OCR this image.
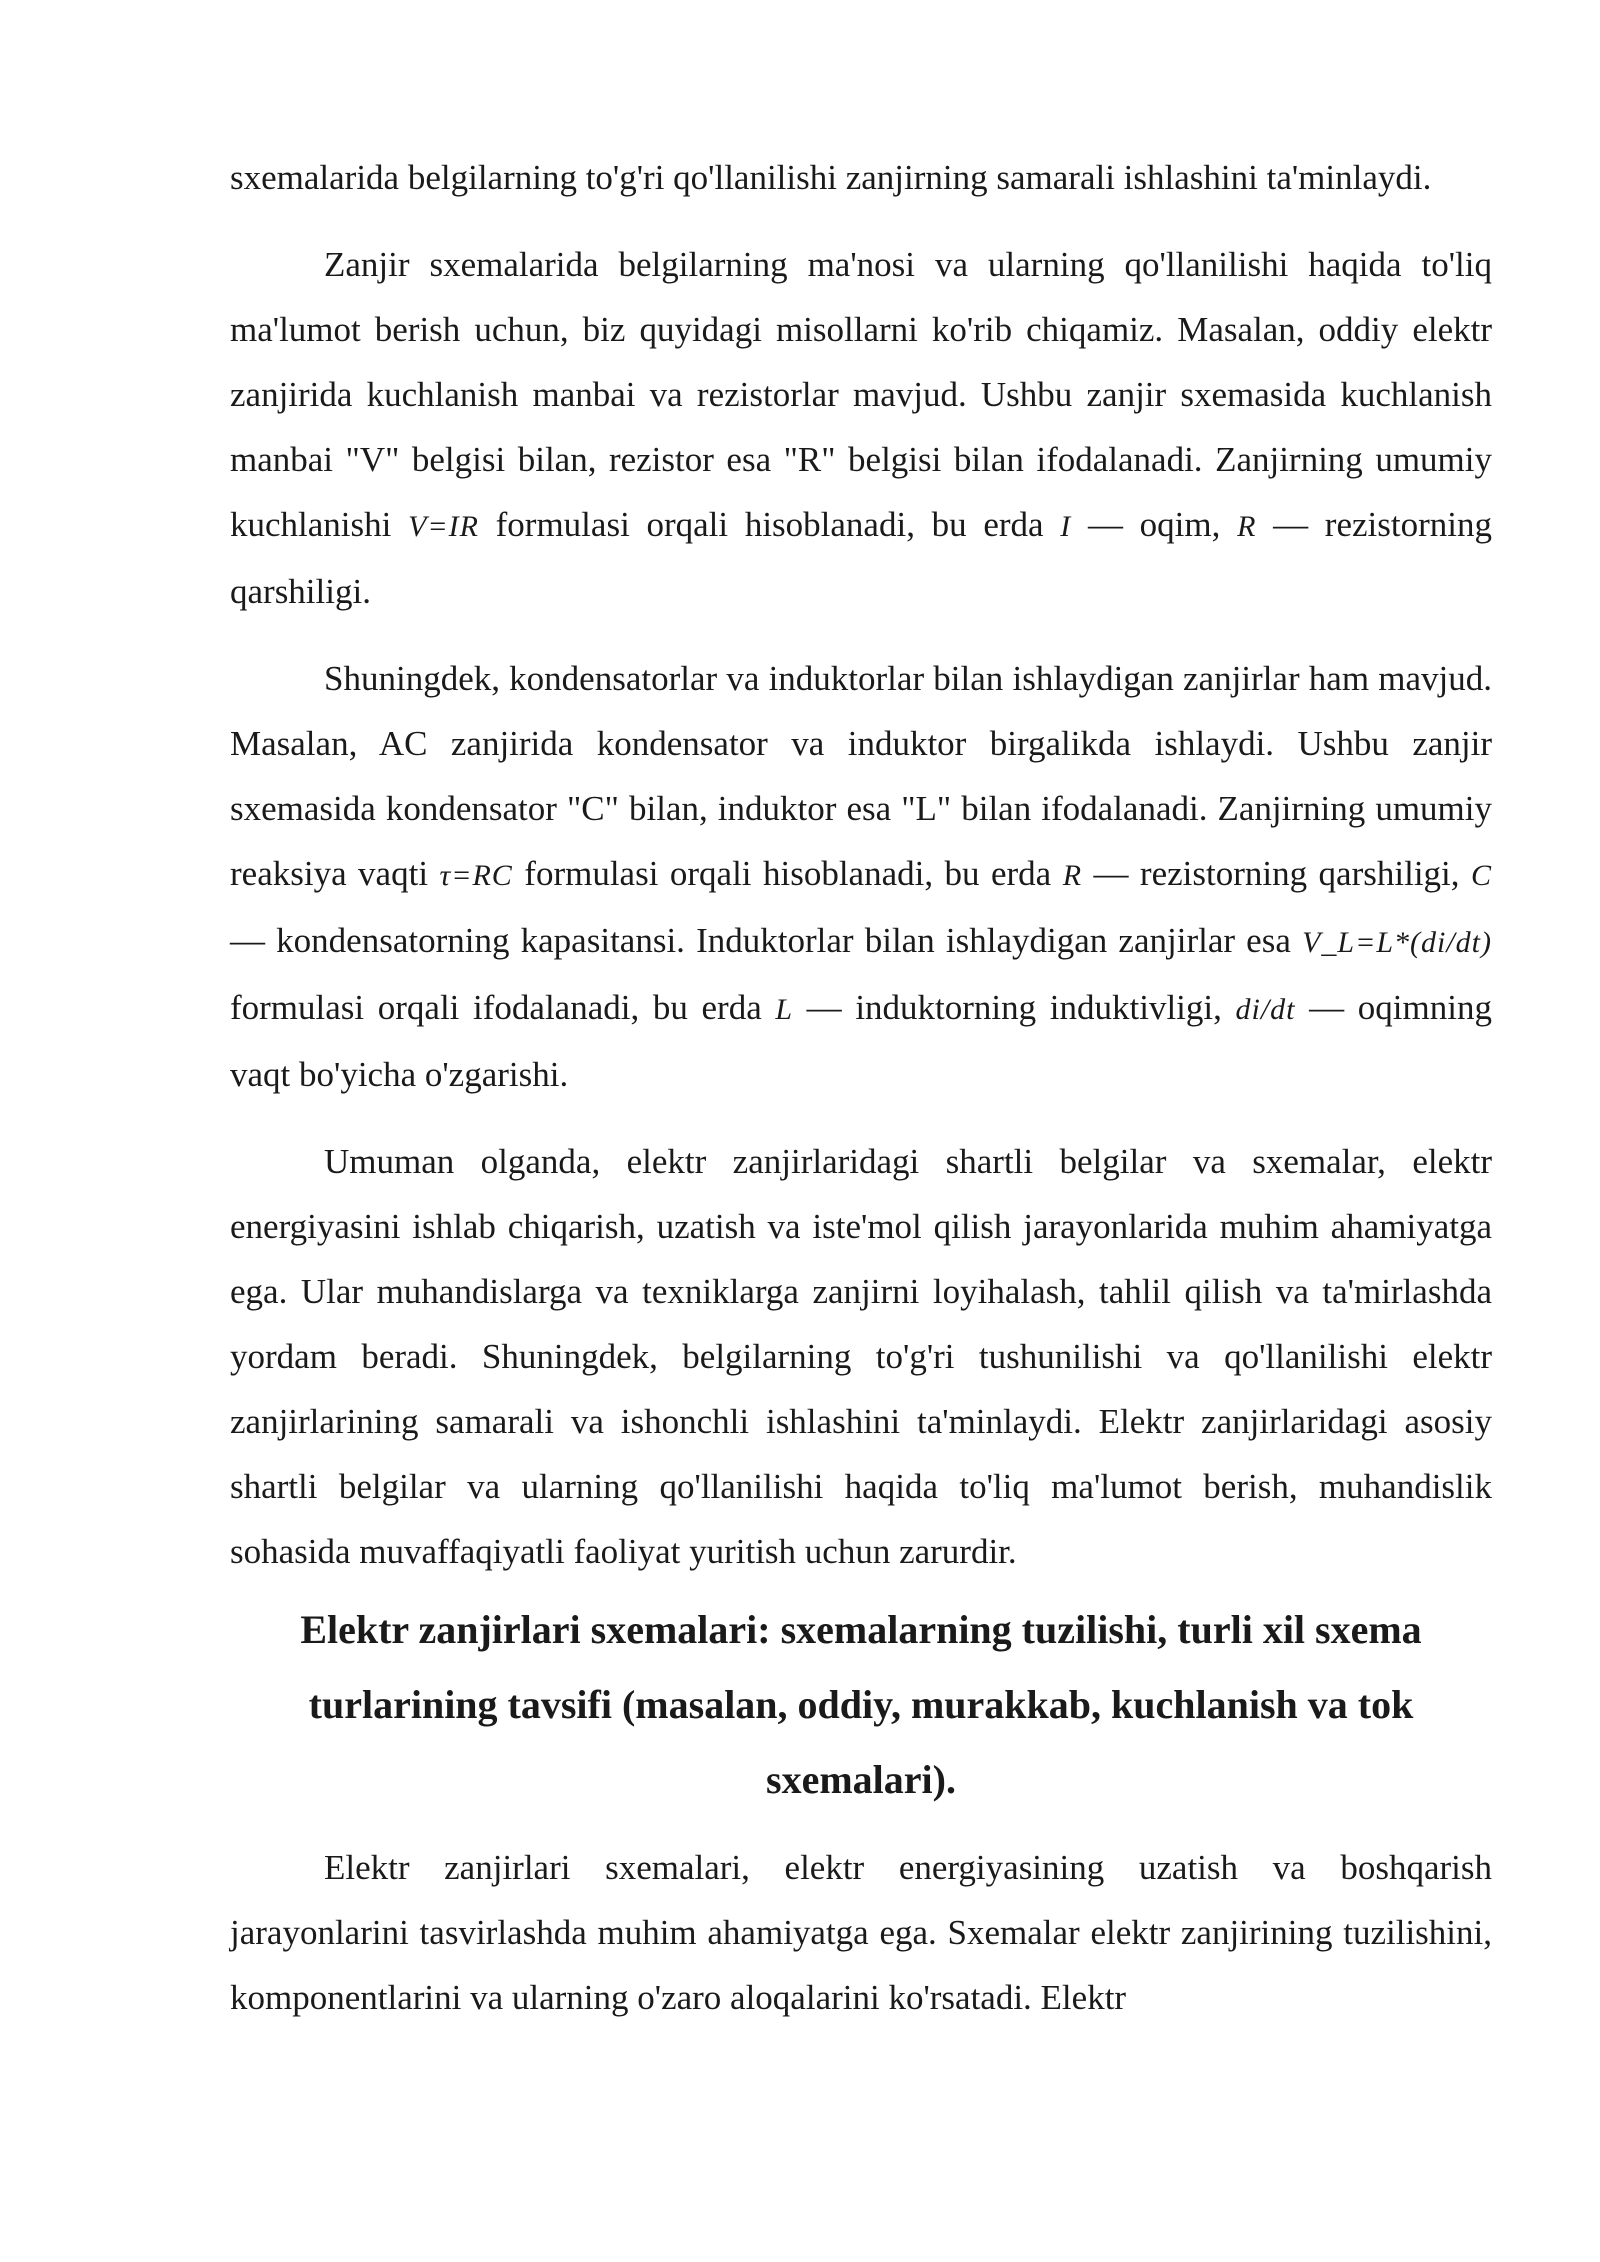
sxemalarida belgilarning to'g'ri qo'llanilishi zanjirning samarali ishlashini ta'minlaydi.

Zanjir sxemalarida belgilarning ma'nosi va ularning qo'llanilishi haqida to'liq ma'lumot berish uchun, biz quyidagi misollarni ko'rib chiqamiz. Masalan, oddiy elektr zanjirida kuchlanish manbai va rezistorlar mavjud. Ushbu zanjir sxemasida kuchlanish manbai "V" belgisi bilan, rezistor esa "R" belgisi bilan ifodalanadi. Zanjirning umumiy kuchlanishi V=IR formulasi orqali hisoblanadi, bu erda I — oqim, R — rezistorning qarshiligi.

Shuningdek, kondensatorlar va induktorlar bilan ishlaydigan zanjirlar ham mavjud. Masalan, AC zanjirida kondensator va induktor birgalikda ishlaydi. Ushbu zanjir sxemasida kondensator "C" bilan, induktor esa "L" bilan ifodalanadi. Zanjirning umumiy reaksiya vaqti τ=RC formulasi orqali hisoblanadi, bu erda R — rezistorning qarshiligi, C — kondensatorning kapasitansi. Induktorlar bilan ishlaydigan zanjirlar esa V_L=L*(di/dt) formulasi orqali ifodalanadi, bu erda L — induktorning induktivligi, di/dt — oqimning vaqt bo'yicha o'zgarishi.

Umuman olganda, elektr zanjirlaridagi shartli belgilar va sxemalar, elektr energiyasini ishlab chiqarish, uzatish va iste'mol qilish jarayonlarida muhim ahamiyatga ega. Ular muhandislarga va texniklarga zanjirni loyihalash, tahlil qilish va ta'mirlashda yordam beradi. Shuningdek, belgilarning to'g'ri tushunilishi va qo'llanilishi elektr zanjirlarining samarali va ishonchli ishlashini ta'minlaydi. Elektr zanjirlaridagi asosiy shartli belgilar va ularning qo'llanilishi haqida to'liq ma'lumot berish, muhandislik sohasida muvaffaqiyatli faoliyat yuritish uchun zarurdir.

Elektr zanjirlari sxemalari: sxemalarning tuzilishi, turli xil sxema turlarining tavsifi (masalan, oddiy, murakkab, kuchlanish va tok sxemalari).

Elektr zanjirlari sxemalari, elektr energiyasining uzatish va boshqarish jarayonlarini tasvirlashda muhim ahamiyatga ega. Sxemalar elektr zanjirining tuzilishini, komponentlarini va ularning o'zaro aloqalarini ko'rsatadi. Elektr
